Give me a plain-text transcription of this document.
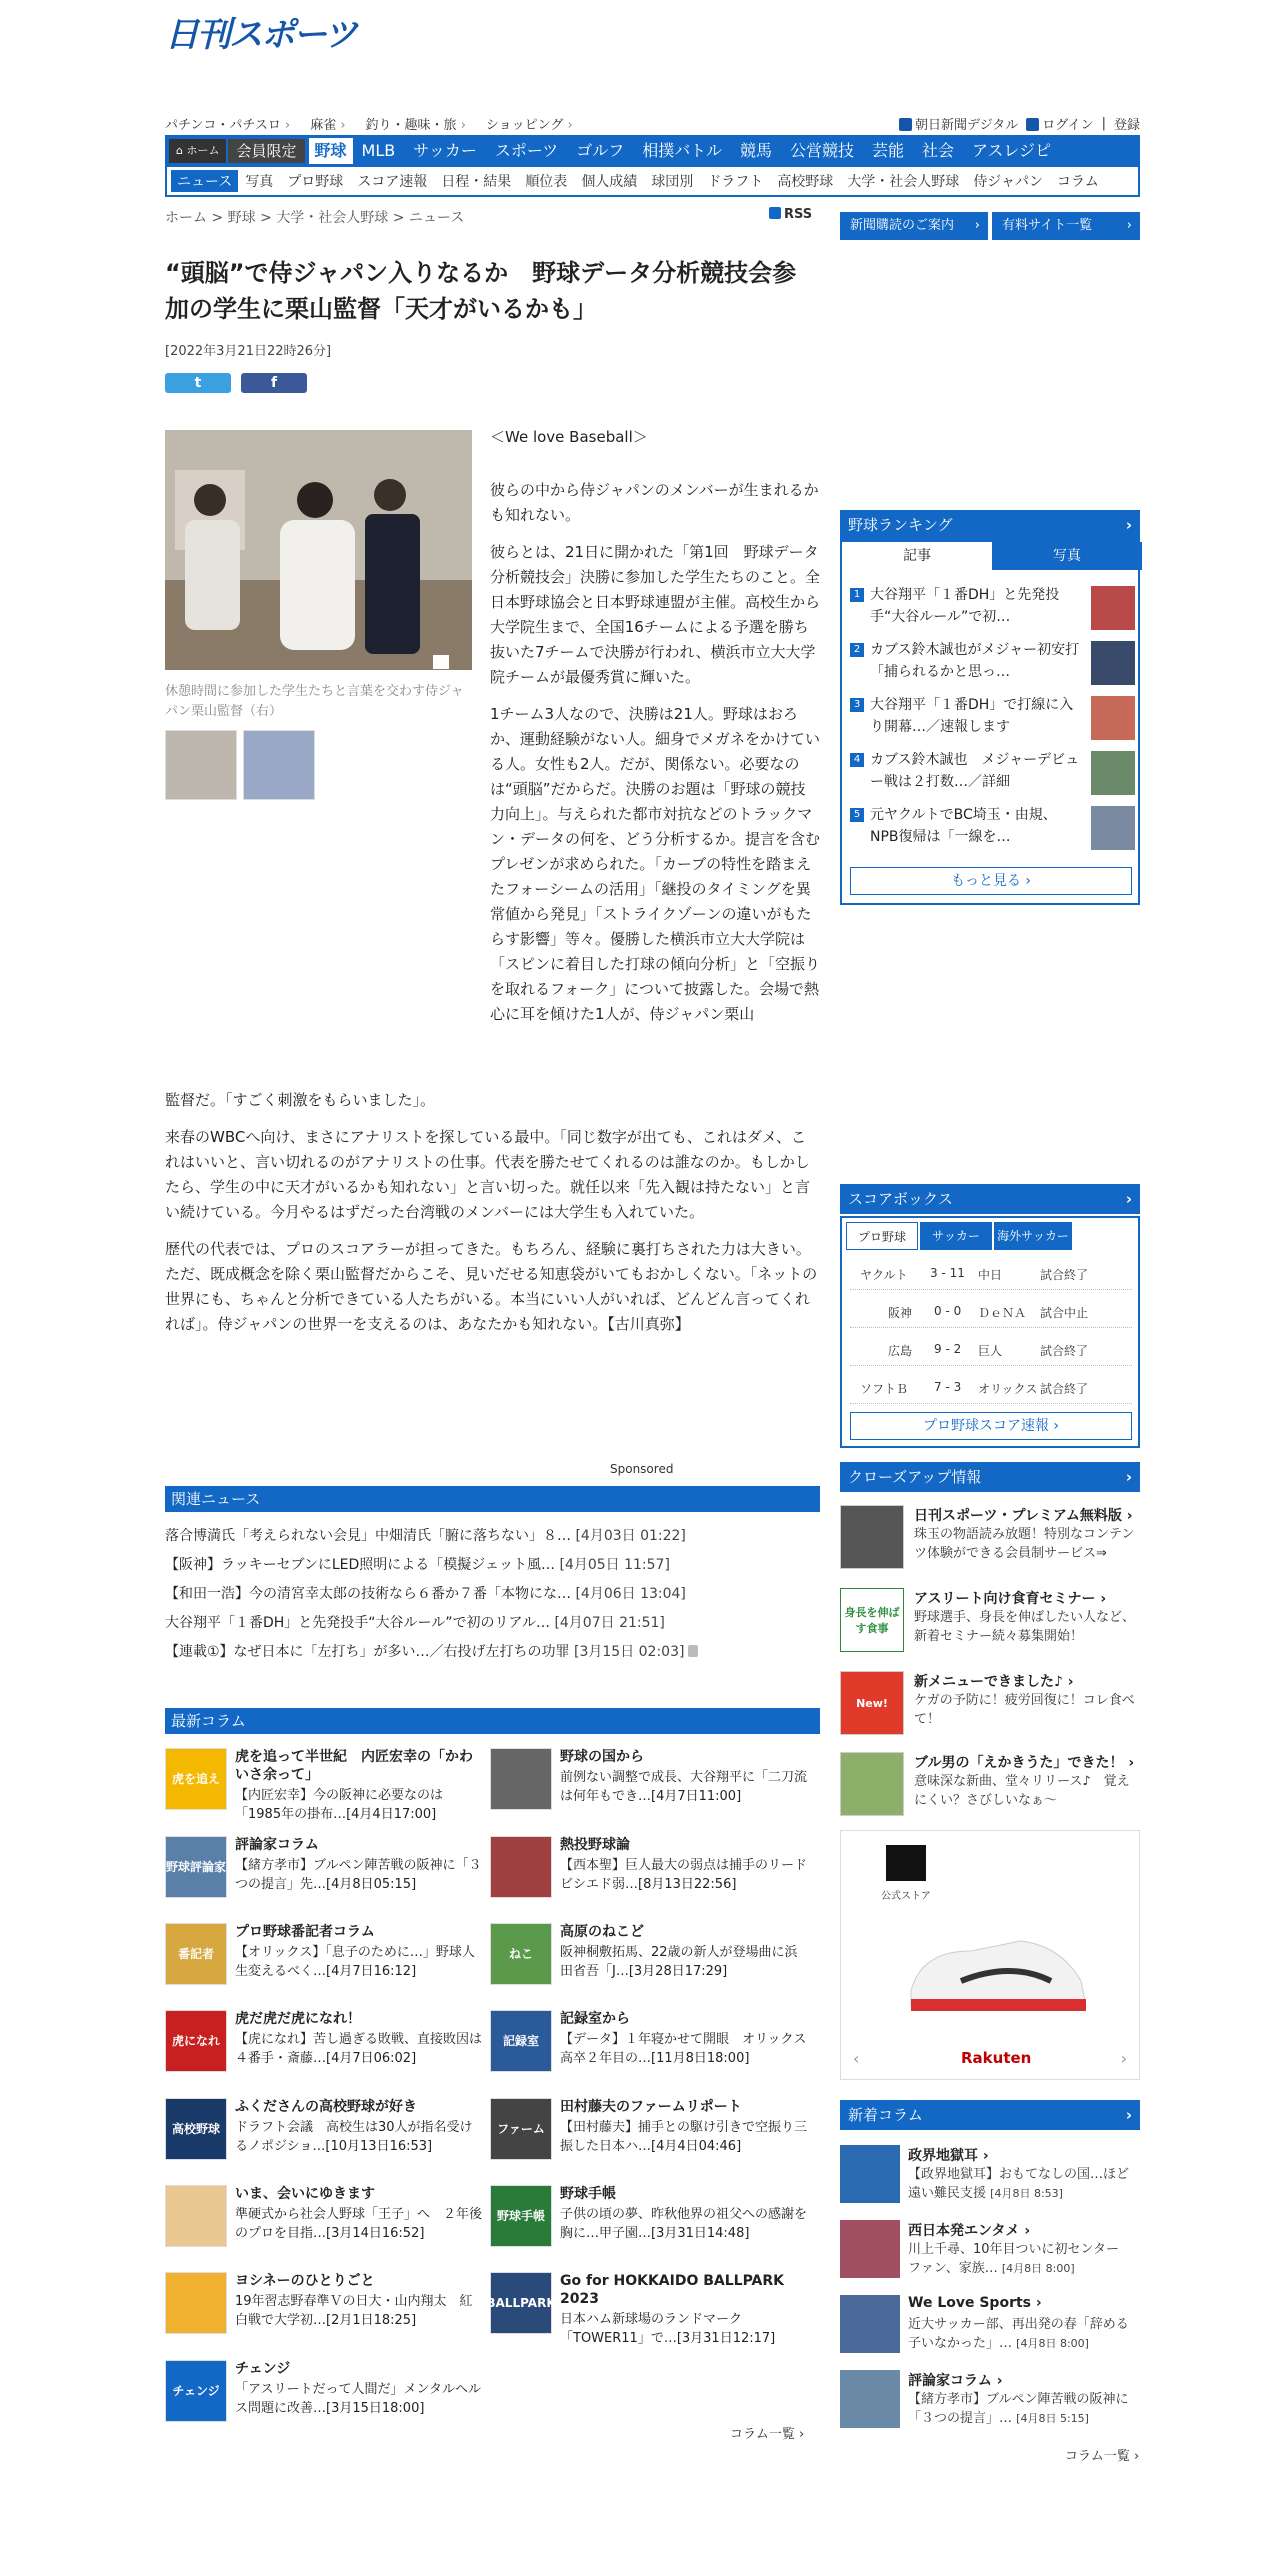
日刊スポーツ
パチンコ・パチスロ ›	麻雀 ›	釣り・趣味・旅 ›	ショッピング ›	朝日新聞デジタル	ログイン | 登録
⌂ ホーム	会員限定	野球 MLB	サッカー	スポーツ	ゴルフ	相撲バトル	競馬	公営競技	芸能	社会	アスレジピ
ニュース 写真	プロ野球	スコア速報	日程・結果	順位表	個人成績	球団別	ドラフト	高校野球	大学・社会人野球	侍ジャパン	コラム
ホーム > 野球 > 大学・社会人野球 > ニュース	RSS
新聞購読のご案内 ›	有料サイト一覧 ›
“頭脳”で侍ジャパン入りなるか　野球データ分析競技会参加の学生に栗山監督「天才がいるかも」
[2022年3月21日22時26分]
t	f
休憩時間に参加した学生たちと言葉を交わす侍ジャパン栗山監督（右）

＜We love Baseball＞

彼らの中から侍ジャパンのメンバーが生まれるかも知れない。

彼らとは、21日に開かれた「第1回　野球データ分析競技会」決勝に参加した学生たちのこと。全日本野球協会と日本野球連盟が主催。高校生から大学院生まで、全国16チームによる予選を勝ち抜いた7チームで決勝が行われ、横浜市立大大学院チームが最優秀賞に輝いた。

1チーム3人なので、決勝は21人。野球はおろか、運動経験がない人。細身でメガネをかけている人。女性も2人。だが、関係ない。必要なのは“頭脳”だからだ。決勝のお題は「野球の競技力向上」。与えられた都市対抗などのトラックマン・データの何を、どう分析するか。提言を含むプレゼンが求められた。「カーブの特性を踏まえたフォーシームの活用」「継投のタイミングを異常値から発見」「ストライクゾーンの違いがもたらす影響」等々。優勝した横浜市立大大学院は「スピンに着目した打球の傾向分析」と「空振りを取れるフォーク」について披露した。会場で熱心に耳を傾けた1人が、侍ジャパン栗山

監督だ。「すごく刺激をもらいました」。

来春のWBCへ向け、まさにアナリストを探している最中。「同じ数字が出ても、これはダメ、これはいいと、言い切れるのがアナリストの仕事。代表を勝たせてくれるのは誰なのか。もしかしたら、学生の中に天才がいるかも知れない」と言い切った。就任以来「先入観は持たない」と言い続けている。今月やるはずだった台湾戦のメンバーには大学生も入れていた。

歴代の代表では、プロのスコアラーが担ってきた。もちろん、経験に裏打ちされた力は大きい。ただ、既成概念を除く栗山監督だからこそ、見いだせる知恵袋がいてもおかしくない。「ネットの世界にも、ちゃんと分析できている人たちがいる。本当にいい人がいれば、どんどん言ってくれれば」。侍ジャパンの世界一を支えるのは、あなたかも知れない。【古川真弥】

Sponsored
関連ニュース
落合博満氏「考えられない会見」中畑清氏「腑に落ちない」８… [4月03日 01:22]
【阪神】ラッキーセブンにLED照明による「模擬ジェット風… [4月05日 11:57]
【和田一浩】今の清宮幸太郎の技術なら６番か７番「本物にな… [4月06日 13:04]
大谷翔平「１番DH」と先発投手“大谷ルール”で初のリアル… [4月07日 21:51]
【連載①】なぜ日本に「左打ち」が多い…／右投げ左打ちの功罪 [3月15日 02:03]
最新コラム
虎を追え
虎を追って半世紀　内匠宏幸の「かわいさ余って」
【内匠宏幸】今の阪神に必要なのは「1985年の掛布…[4月4日17:00]
野球の国から
前例ない調整で成長、大谷翔平に「二刀流は何年もでき…[4月7日11:00]
野球評論家
評論家コラム
【緒方孝市】ブルペン陣苦戦の阪神に「３つの提言」先…[4月8日05:15]
熱投野球論
【西本聖】巨人最大の弱点は捕手のリード　ビシエド弱…[8月13日22:56]
番記者
プロ野球番記者コラム
【オリックス】「息子のために…」野球人生変えるべく…[4月7日16:12]
ねこ
高原のねこど
阪神桐敷拓馬、22歳の新人が登場曲に浜田省吾「J…[3月28日17:29]
虎になれ
虎だ虎だ虎になれ！
【虎になれ】苦し過ぎる敗戦、直接敗因は４番手・斎藤…[4月7日06:02]
記録室
記録室から
【データ】１年寝かせて開眼　オリックス高卒２年目の…[11月8日18:00]
高校野球
ふくださんの高校野球が好き
ドラフト会議　高校生は30人が指名受けるノポジショ…[10月13日16:53]
ファーム
田村藤夫のファームリポート
【田村藤夫】捕手との駆け引きで空振り三振した日本ハ…[4月4日04:46]
いま、会いにゆきます
準硬式から社会人野球「王子」へ　２年後のプロを目指…[3月14日16:52]
野球手帳
野球手帳
子供の頃の夢、昨秋他界の祖父への感謝を胸に…甲子園…[3月31日14:48]
ヨシネーのひとりごと
19年習志野春準Ｖの日大・山内翔太　紅白戦で大学初…[2月1日18:25]
BALLPARK
Go for HOKKAIDO BALLPARK 2023
日本ハム新球場のランドマーク「TOWER11」で…[3月31日12:17]
チェンジ
チェンジ
「アスリートだって人間だ」メンタルヘルス問題に改善…[3月15日18:00]
コラム一覧 ›
野球ランキング ›
記事	写真
1 大谷翔平「１番DH」と先発投手“大谷ルール”で初…
2 カブス鈴木誠也がメジャー初安打「捕られるかと思っ…
3 大谷翔平「１番DH」で打線に入り開幕…／速報します
4 カブス鈴木誠也　メジャーデビュー戦は２打数…／詳細
5 元ヤクルトでBC埼玉・由規、NPB復帰は「一線を…
もっと見る ›
スコアボックス ›
プロ野球	サッカー	海外サッカー
ヤクルト 3 - 11 中日	試合終了
阪神 0 - 0 ＤｅＮＡ 試合中止
広島 9 - 2 巨人	試合終了
ソフトＢ 7 - 3 オリックス 試合終了
プロ野球スコア速報 ›
クローズアップ情報 ›
日刊スポーツ・プレミアム無料版 ›
珠玉の物語読み放題！特別なコンテンツ体験ができる会員制サービス⇒
身長を伸ばす食事
アスリート向け食育セミナー ›
野球選手、身長を伸ばしたい人など、新着セミナー続々募集開始！
New!
新メニューできました♪ ›
ケガの予防に！疲労回復に！コレ食べて！
ブル男の「えかきうた」できた！ ›
意味深な新曲、堂々リリース♪　覚えにくい？さびしいなぁ～
公式ストア
Rakuten
‹	›
新着コラム ›
政界地獄耳 ›
【政界地獄耳】おもてなしの国…ほど遠い難民支援 [4月8日 8:53]
西日本発エンタメ ›
川上千尋、10年目ついに初センター　ファン、家族… [4月8日 8:00]
We Love Sports ›
近大サッカー部、再出発の春「辞める子いなかった」… [4月8日 8:00]
評論家コラム ›
【緒方孝市】ブルペン陣苦戦の阪神に「３つの提言」… [4月8日 5:15]
コラム一覧 ›
